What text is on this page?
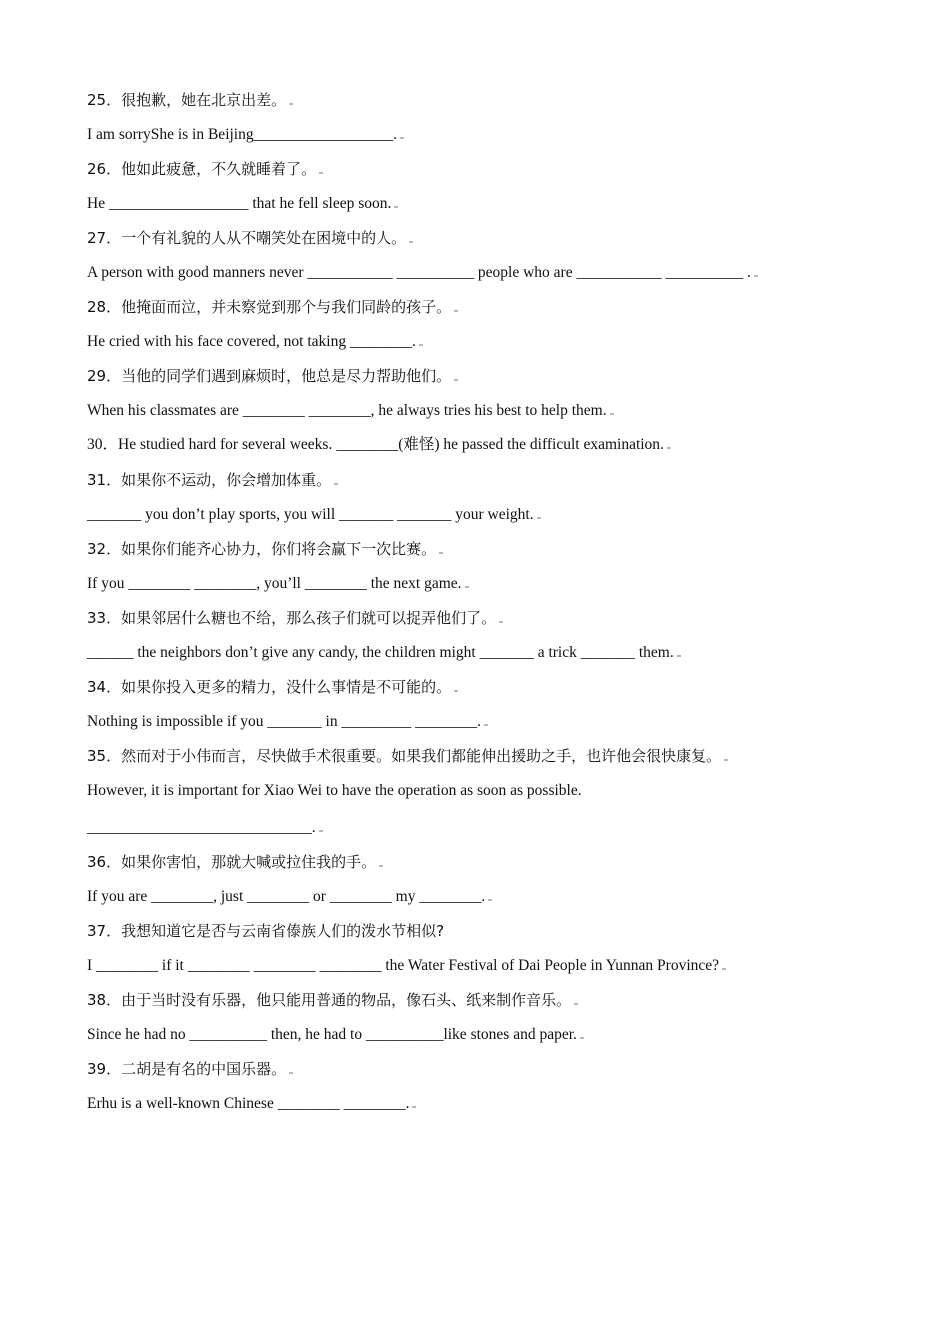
25．很抱歉，她在北京出差。
I am sorryShe is in Beijing__________________.
26．他如此疲惫，不久就睡着了。
He __________________ that he fell sleep soon.
27．一个有礼貌的人从不嘲笑处在困境中的人。
A person with good manners never ___________ __________ people who are ___________ __________ .
28．他掩面而泣，并未察觉到那个与我们同龄的孩子。
He cried with his face covered, not taking ________.
29．当他的同学们遇到麻烦时，他总是尽力帮助他们。
When his classmates are ________ ________, he always tries his best to help them.
30．He studied hard for several weeks. ________(难怪) he passed the difficult examination.
31．如果你不运动，你会增加体重。
_______ you don’t play sports, you will _______ _______ your weight.
32．如果你们能齐心协力，你们将会赢下一次比赛。
If you ________ ________, you’ll ________ the next game.
33．如果邻居什么糖也不给，那么孩子们就可以捉弄他们了。
______ the neighbors don’t give any candy, the children might _______ a trick _______ them.
34．如果你投入更多的精力，没什么事情是不可能的。
Nothing is impossible if you _______ in _________ ________.
35．然而对于小伟而言，尽快做手术很重要。如果我们都能伸出援助之手，也许他会很快康复。
However, it is important for Xiao Wei to have the operation as soon as possible.
_____________________________.
36．如果你害怕，那就大喊或拉住我的手。
If you are ________, just ________ or ________ my ________.
37．我想知道它是否与云南省傣族人们的泼水节相似?
I ________ if it ________ ________ ________ the Water Festival of Dai People in Yunnan Province?
38．由于当时没有乐器，他只能用普通的物品，像石头、纸来制作音乐。
Since he had no __________ then, he had to __________like stones and paper.
39．二胡是有名的中国乐器。
Erhu is a well-known Chinese ________ ________.
